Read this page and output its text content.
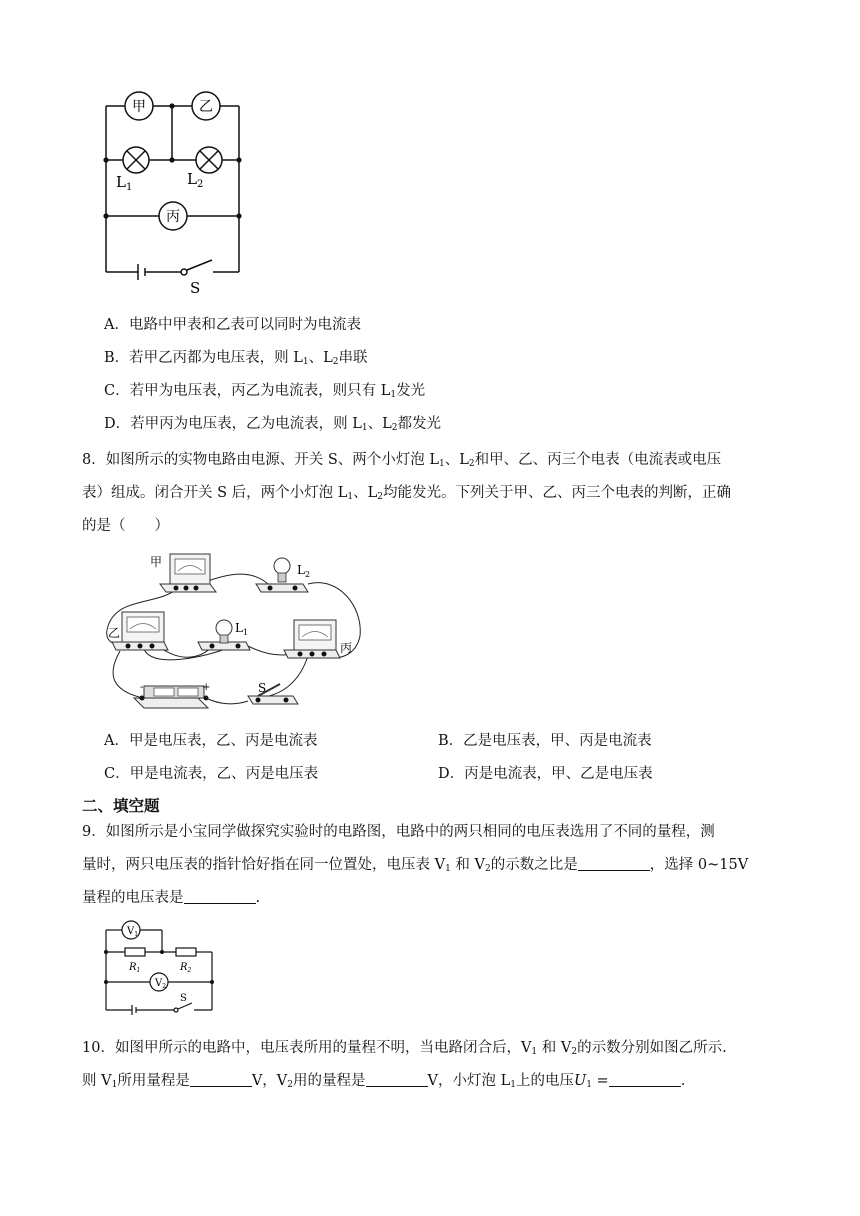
甲	乙
丙
$L_1$	$L_2$
S
A．电路中甲表和乙表可以同时为电流表
B．若甲乙丙都为电压表，则 $L_1$、$L_2$串联
C．若甲为电压表，丙乙为电流表，则只有 $L_1$发光
D．若甲丙为电压表，乙为电流表，则 $L_1$、$L_2$都发光
8．如图所示的实物电路由电源、开关 S、两个小灯泡 $L_1$、$L_2$和甲、乙、丙三个电表（电流表或电压
表）组成。闭合开关 S 后，两个小灯泡 $L_1$、$L_2$均能发光。下列关于甲、乙、丙三个电表的判断，正确
的是（　　）
甲
$L_2$
乙	$L_1$
丙
S
-	+
A．甲是电压表，乙、丙是电流表	B．乙是电压表，甲、丙是电流表
C．甲是电流表，乙、丙是电压表	D．丙是电流表，甲、乙是电压表
二、填空题
9．如图所示是小宝同学做探究实验时的电路图，电路中的两只相同的电压表选用了不同的量程，测
量时，两只电压表的指针恰好指在同一位置处，电压表 $V_1$ 和 $V_2$的示数之比是	，选择 0~15V
量程的电压表是	.
$V_1$
$V_2$
$R_1$	$R_2$
S
10．如图甲所示的电路中，电压表所用的量程不明，当电路闭合后，$V_1$ 和 $V_2$的示数分别如图乙所示.
则 $V_1$所用量程是	V，$V_2$用的量程是	V，小灯泡 $L_1$上的电压$U_1$ =	.
